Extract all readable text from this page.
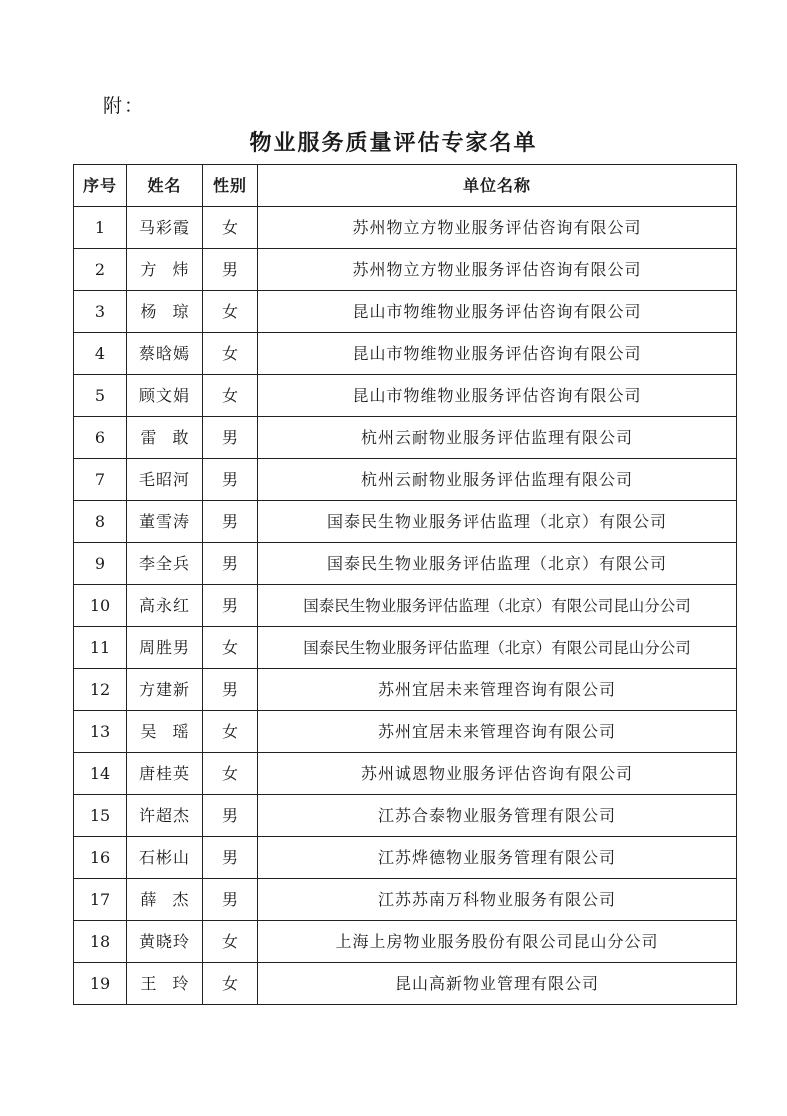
附：
物业服务质量评估专家名单
序号	姓名	性别	单位名称
1	马彩霞	女	苏州物立方物业服务评估咨询有限公司
2	方　炜	男	苏州物立方物业服务评估咨询有限公司
3	杨　琼	女	昆山市物维物业服务评估咨询有限公司
4	蔡晗嫣	女	昆山市物维物业服务评估咨询有限公司
5	顾文娟	女	昆山市物维物业服务评估咨询有限公司
6	雷　敢	男	杭州云耐物业服务评估监理有限公司
7	毛昭河	男	杭州云耐物业服务评估监理有限公司
8	董雪涛	男	国泰民生物业服务评估监理（北京）有限公司
9	李全兵	男	国泰民生物业服务评估监理（北京）有限公司
10	高永红	男	国泰民生物业服务评估监理（北京）有限公司昆山分公司
11	周胜男	女	国泰民生物业服务评估监理（北京）有限公司昆山分公司
12	方建新	男	苏州宜居未来管理咨询有限公司
13	吴　瑶	女	苏州宜居未来管理咨询有限公司
14	唐桂英	女	苏州诚恩物业服务评估咨询有限公司
15	许超杰	男	江苏合泰物业服务管理有限公司
16	石彬山	男	江苏烨德物业服务管理有限公司
17	薛　杰	男	江苏苏南万科物业服务有限公司
18	黄晓玲	女	上海上房物业服务股份有限公司昆山分公司
19	王　玲	女	昆山高新物业管理有限公司
